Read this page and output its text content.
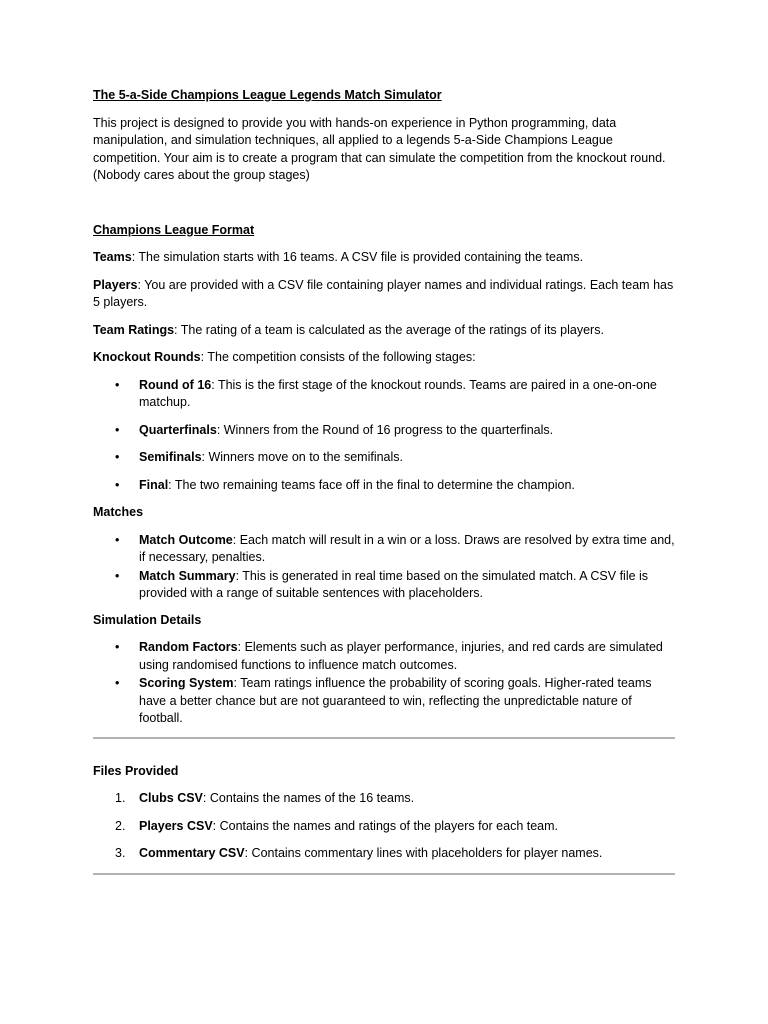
The 5-a-Side Champions League Legends Match Simulator

This project is designed to provide you with hands-on experience in Python programming, data manipulation, and simulation techniques, all applied to a legends 5-a-Side Champions League competition. Your aim is to create a program that can simulate the competition from the knockout round. (Nobody cares about the group stages)

Champions League Format

Teams: The simulation starts with 16 teams. A CSV file is provided containing the teams.

Players: You are provided with a CSV file containing player names and individual ratings. Each team has 5 players.

Team Ratings: The rating of a team is calculated as the average of the ratings of its players.

Knockout Rounds: The competition consists of the following stages:

• Round of 16: This is the first stage of the knockout rounds. Teams are paired in a one-on-one matchup.
• Quarterfinals: Winners from the Round of 16 progress to the quarterfinals.
• Semifinals: Winners move on to the semifinals.
• Final: The two remaining teams face off in the final to determine the champion.

Matches

• Match Outcome: Each match will result in a win or a loss. Draws are resolved by extra time and, if necessary, penalties.
• Match Summary: This is generated in real time based on the simulated match. A CSV file is provided with a range of suitable sentences with placeholders.

Simulation Details

• Random Factors: Elements such as player performance, injuries, and red cards are simulated using randomised functions to influence match outcomes.
• Scoring System: Team ratings influence the probability of scoring goals. Higher-rated teams have a better chance but are not guaranteed to win, reflecting the unpredictable nature of football.

Files Provided

1. Clubs CSV: Contains the names of the 16 teams.
2. Players CSV: Contains the names and ratings of the players for each team.
3. Commentary CSV: Contains commentary lines with placeholders for player names.
